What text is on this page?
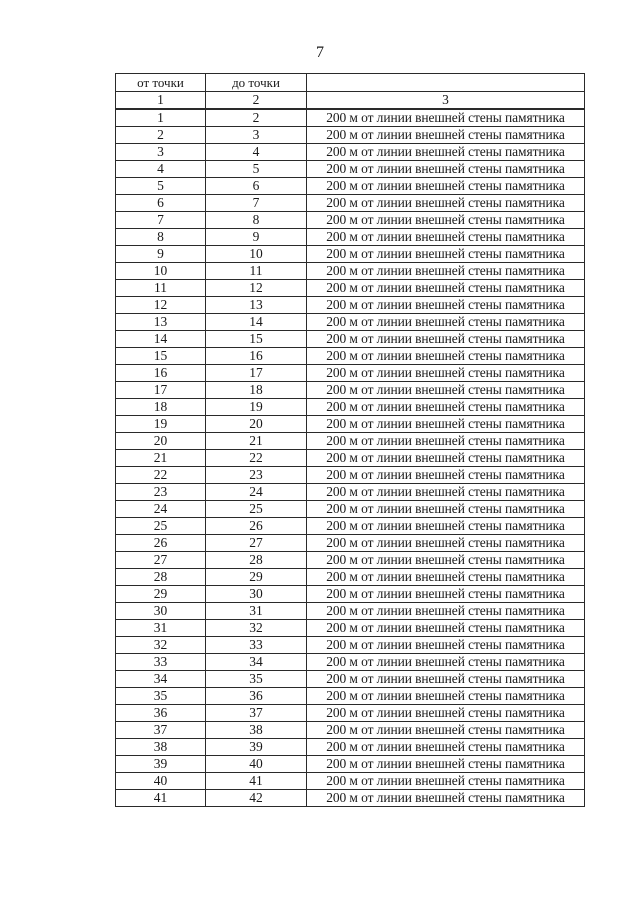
7
от точки	до точки	
1	2	3
1	2	200 м от линии внешней стены памятника
2	3	200 м от линии внешней стены памятника
3	4	200 м от линии внешней стены памятника
4	5	200 м от линии внешней стены памятника
5	6	200 м от линии внешней стены памятника
6	7	200 м от линии внешней стены памятника
7	8	200 м от линии внешней стены памятника
8	9	200 м от линии внешней стены памятника
9	10	200 м от линии внешней стены памятника
10	11	200 м от линии внешней стены памятника
11	12	200 м от линии внешней стены памятника
12	13	200 м от линии внешней стены памятника
13	14	200 м от линии внешней стены памятника
14	15	200 м от линии внешней стены памятника
15	16	200 м от линии внешней стены памятника
16	17	200 м от линии внешней стены памятника
17	18	200 м от линии внешней стены памятника
18	19	200 м от линии внешней стены памятника
19	20	200 м от линии внешней стены памятника
20	21	200 м от линии внешней стены памятника
21	22	200 м от линии внешней стены памятника
22	23	200 м от линии внешней стены памятника
23	24	200 м от линии внешней стены памятника
24	25	200 м от линии внешней стены памятника
25	26	200 м от линии внешней стены памятника
26	27	200 м от линии внешней стены памятника
27	28	200 м от линии внешней стены памятника
28	29	200 м от линии внешней стены памятника
29	30	200 м от линии внешней стены памятника
30	31	200 м от линии внешней стены памятника
31	32	200 м от линии внешней стены памятника
32	33	200 м от линии внешней стены памятника
33	34	200 м от линии внешней стены памятника
34	35	200 м от линии внешней стены памятника
35	36	200 м от линии внешней стены памятника
36	37	200 м от линии внешней стены памятника
37	38	200 м от линии внешней стены памятника
38	39	200 м от линии внешней стены памятника
39	40	200 м от линии внешней стены памятника
40	41	200 м от линии внешней стены памятника
41	42	200 м от линии внешней стены памятника
